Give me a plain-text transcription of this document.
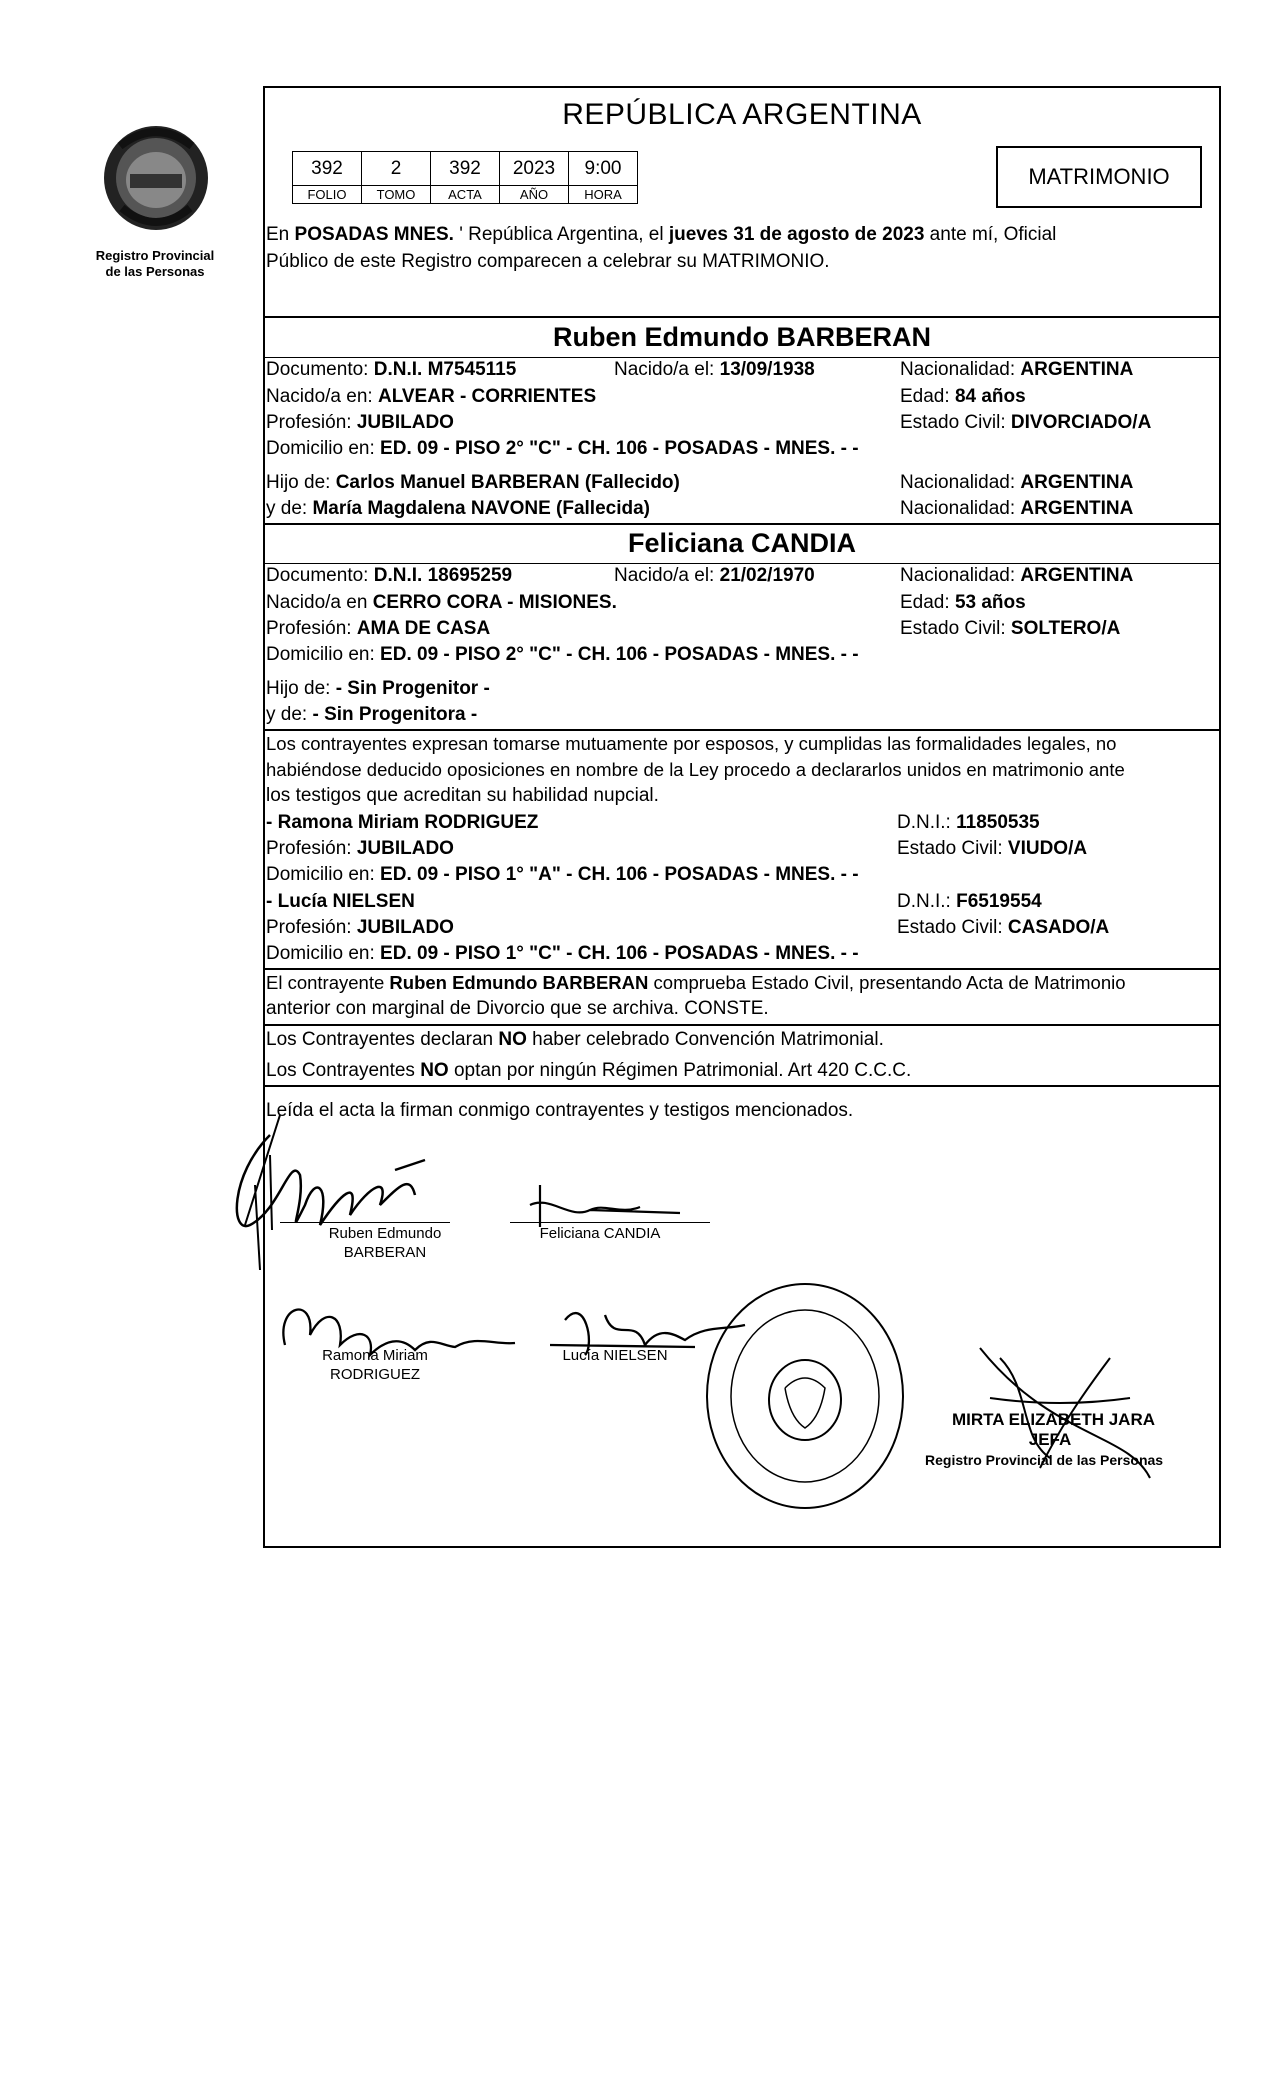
Registro Provincial
de las Personas
REPÚBLICA ARGENTINA
392	2	392	2023	9:00
FOLIO	TOMO	ACTA	AÑO	HORA
MATRIMONIO
En POSADAS MNES. ' República Argentina, el jueves 31 de agosto de 2023 ante mí, Oficial
Público de este Registro comparecen a celebrar su MATRIMONIO.
Ruben Edmundo BARBERAN
Documento: D.N.I. M7545115	Nacido/a el: 13/09/1938	Nacionalidad: ARGENTINA
Nacido/a en: ALVEAR - CORRIENTES	Edad: 84 años
Profesión: JUBILADO	Estado Civil: DIVORCIADO/A
Domicilio en: ED. 09 - PISO 2° "C" - CH. 106 - POSADAS - MNES. - -
Hijo de: Carlos Manuel BARBERAN (Fallecido)	Nacionalidad: ARGENTINA
y de: María Magdalena NAVONE (Fallecida)	Nacionalidad: ARGENTINA
Feliciana CANDIA
Documento: D.N.I. 18695259	Nacido/a el: 21/02/1970	Nacionalidad: ARGENTINA
Nacido/a en CERRO CORA - MISIONES.	Edad: 53 años
Profesión: AMA DE CASA	Estado Civil: SOLTERO/A
Domicilio en: ED. 09 - PISO 2° "C" - CH. 106 - POSADAS - MNES. - -
Hijo de: - Sin Progenitor -
y de: - Sin Progenitora -
Los contrayentes expresan tomarse mutuamente por esposos, y cumplidas las formalidades legales, no
habiéndose deducido oposiciones en nombre de la Ley procedo a declararlos unidos en matrimonio ante
los testigos que acreditan su habilidad nupcial.
- Ramona Miriam RODRIGUEZ	D.N.I.: 11850535
Profesión: JUBILADO	Estado Civil: VIUDO/A
Domicilio en: ED. 09 - PISO 1° "A" - CH. 106 - POSADAS - MNES. - -
- Lucía NIELSEN	D.N.I.: F6519554
Profesión: JUBILADO	Estado Civil: CASADO/A
Domicilio en: ED. 09 - PISO 1° "C" - CH. 106 - POSADAS - MNES. - -
El contrayente Ruben Edmundo BARBERAN comprueba Estado Civil, presentando Acta de Matrimonio
anterior con marginal de Divorcio que se archiva. CONSTE.
Los Contrayentes declaran NO haber celebrado Convención Matrimonial.
Los Contrayentes NO optan por ningún Régimen Patrimonial. Art 420 C.C.C.
Leída el acta la firman conmigo contrayentes y testigos mencionados.
Ruben Edmundo
BARBERAN
Feliciana CANDIA
Ramona Miriam
RODRIGUEZ
Lucía NIELSEN
MIRTA ELIZABETH JARA
JEFA
Registro Provincial de las Personas
